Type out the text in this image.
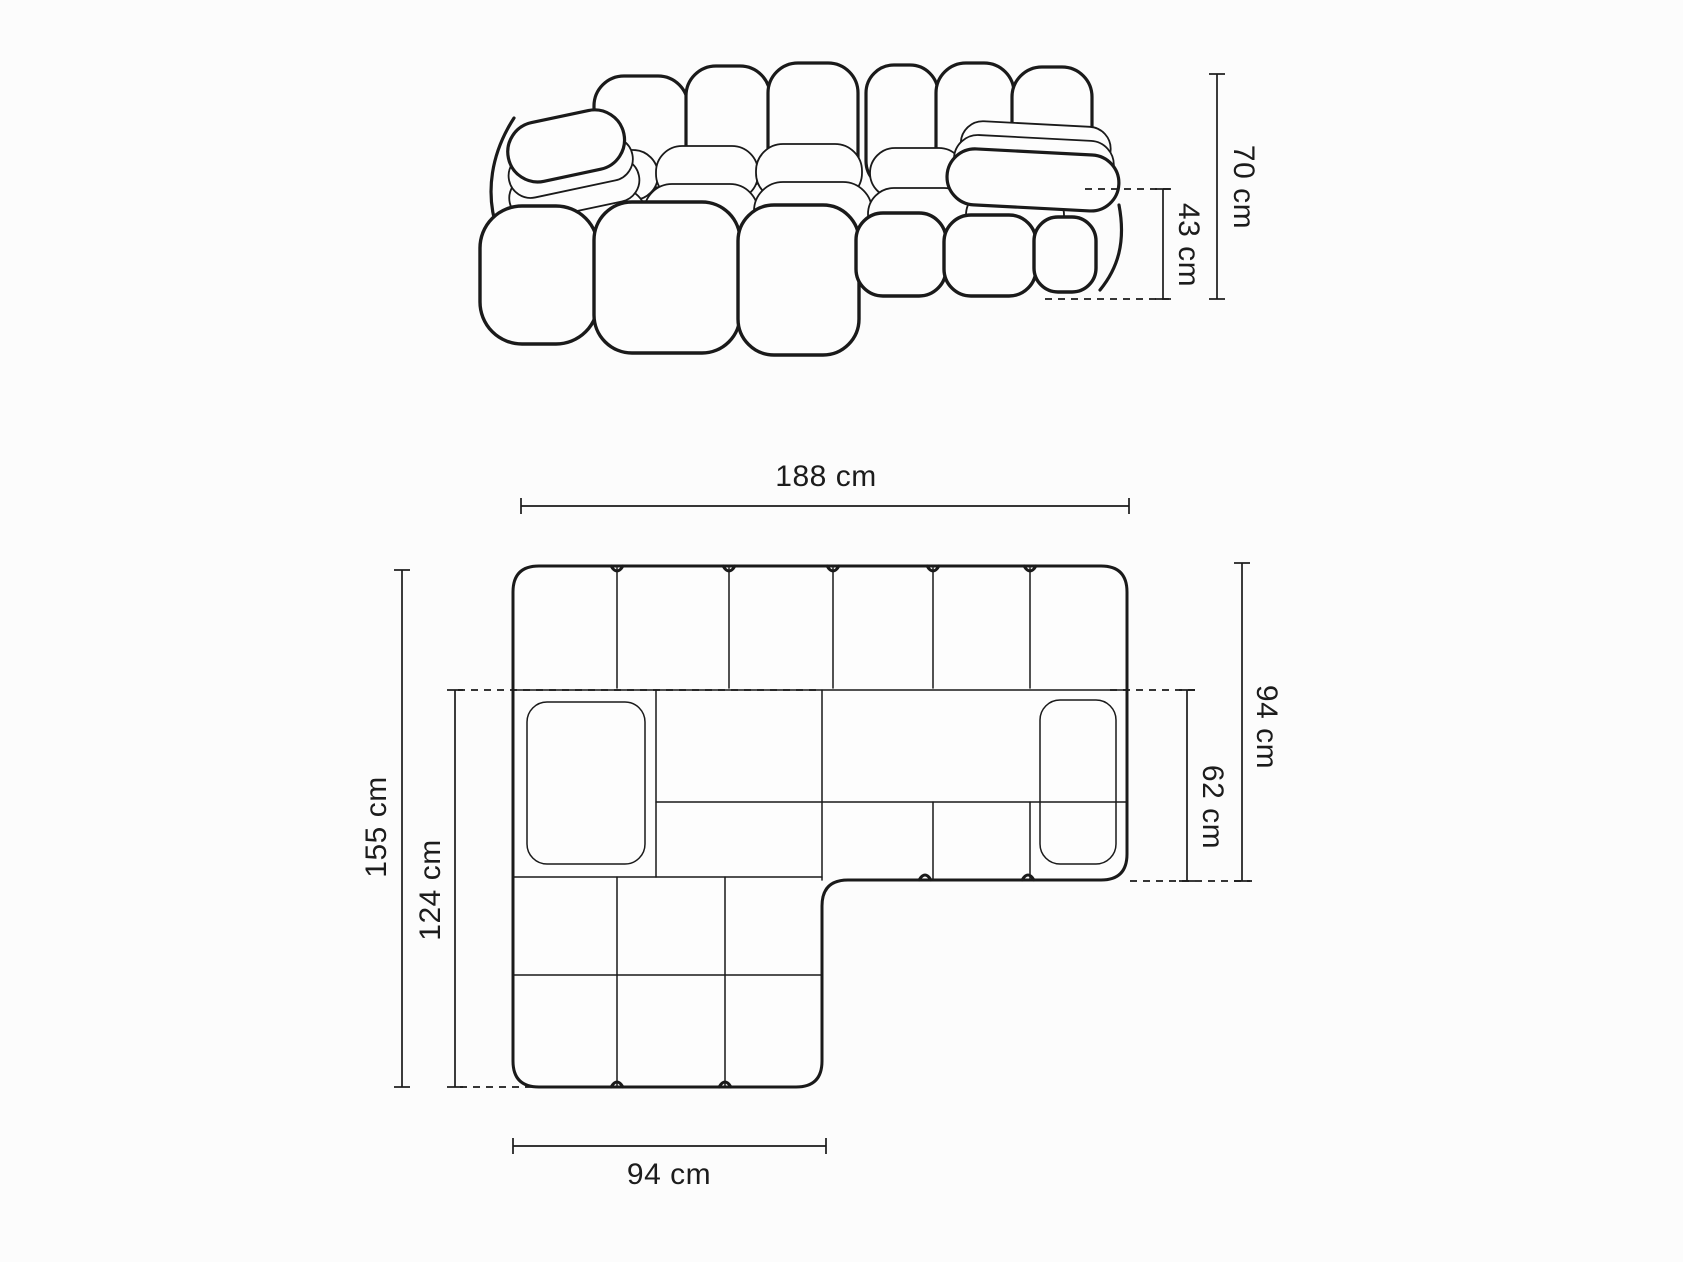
70 cm
43 cm
188 cm
155 cm
124 cm
94 cm
62 cm
94 cm
